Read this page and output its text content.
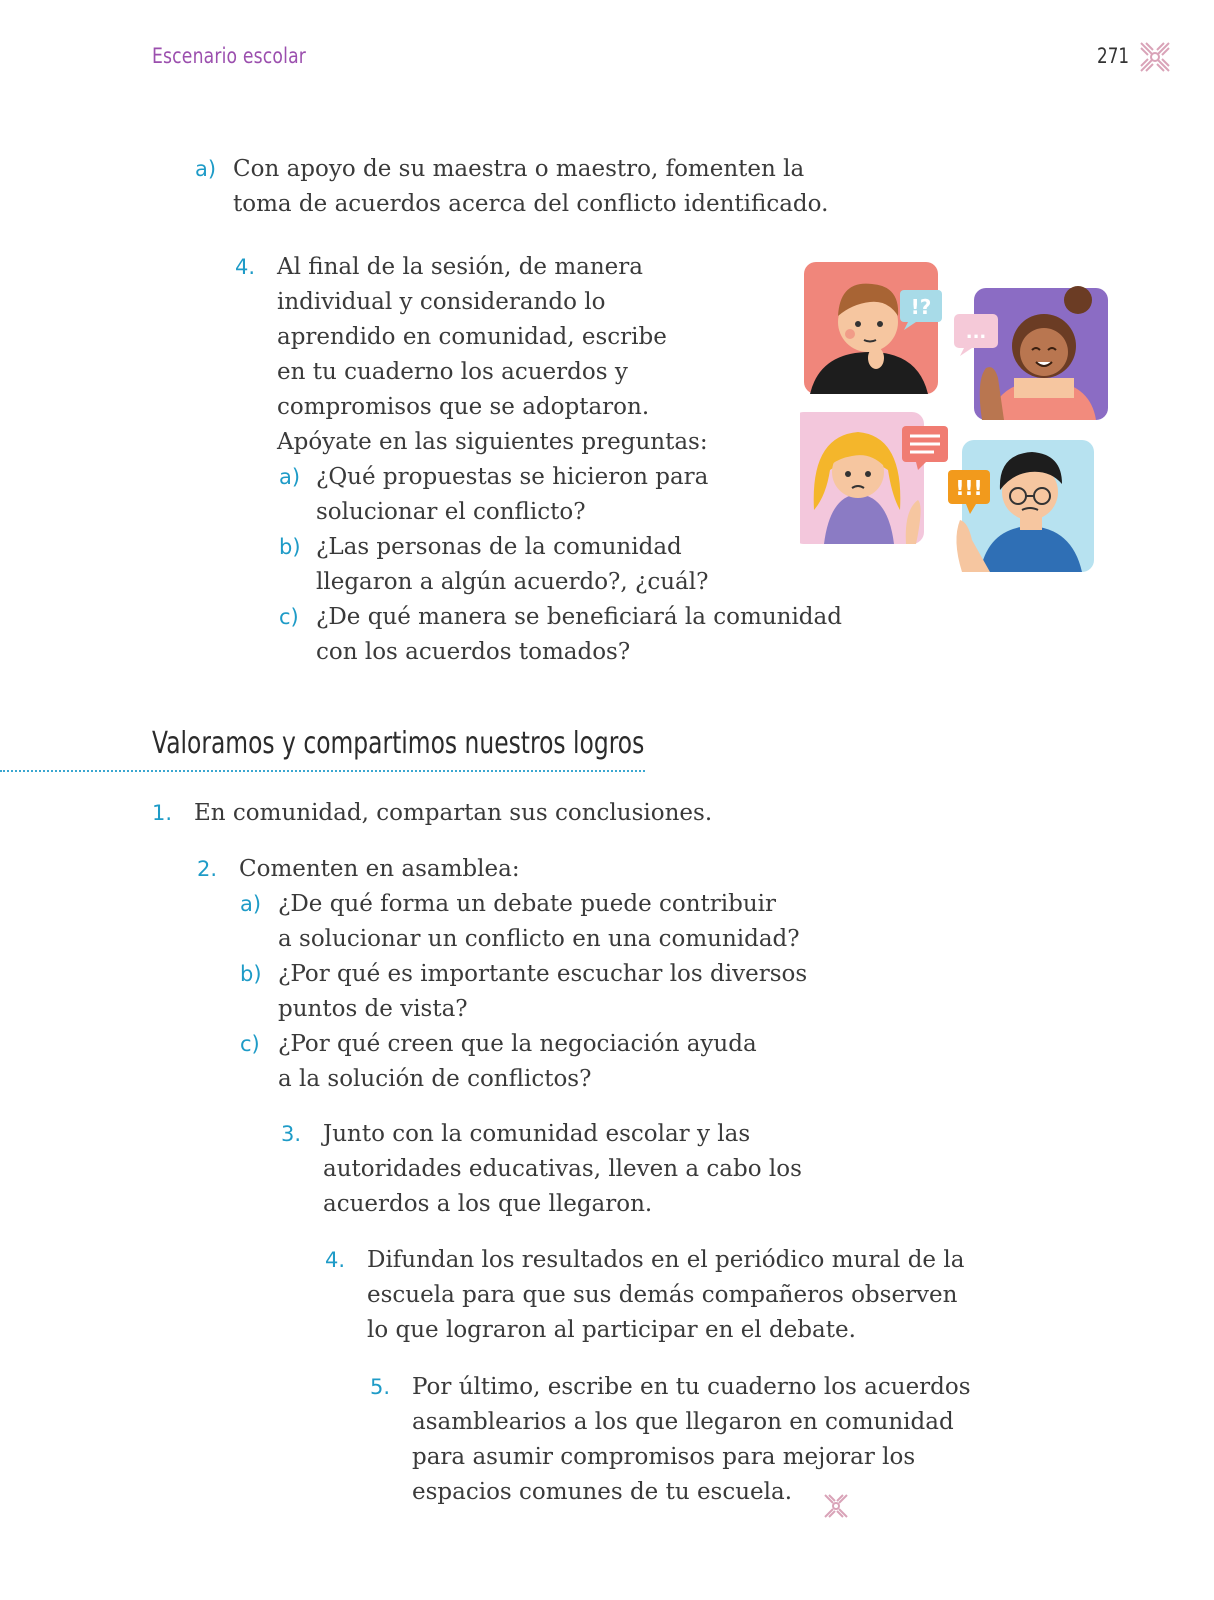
Escenario escolar	271
a) Con apoyo de su maestra o maestro, fomenten la
toma de acuerdos acerca del conflicto identificado.
4. Al final de la sesión, de manera
individual y considerando lo
aprendido en comunidad, escribe
en tu cuaderno los acuerdos y
compromisos que se adoptaron.
Apóyate en las siguientes preguntas:
a) ¿Qué propuestas se hicieron para
solucionar el conflicto?
b) ¿Las personas de la comunidad
llegaron a algún acuerdo?, ¿cuál?
c) ¿De qué manera se beneficiará la comunidad
con los acuerdos tomados?
!?
...
!!!
Valoramos y compartimos nuestros logros
1. En comunidad, compartan sus conclusiones.
2. Comenten en asamblea:
a) ¿De qué forma un debate puede contribuir
a solucionar un conflicto en una comunidad?
b) ¿Por qué es importante escuchar los diversos
puntos de vista?
c) ¿Por qué creen que la negociación ayuda
a la solución de conflictos?
3. Junto con la comunidad escolar y las
autoridades educativas, lleven a cabo los
acuerdos a los que llegaron.
4. Difundan los resultados en el periódico mural de la
escuela para que sus demás compañeros observen
lo que lograron al participar en el debate.
5. Por último, escribe en tu cuaderno los acuerdos
asamblearios a los que llegaron en comunidad
para asumir compromisos para mejorar los
espacios comunes de tu escuela.
